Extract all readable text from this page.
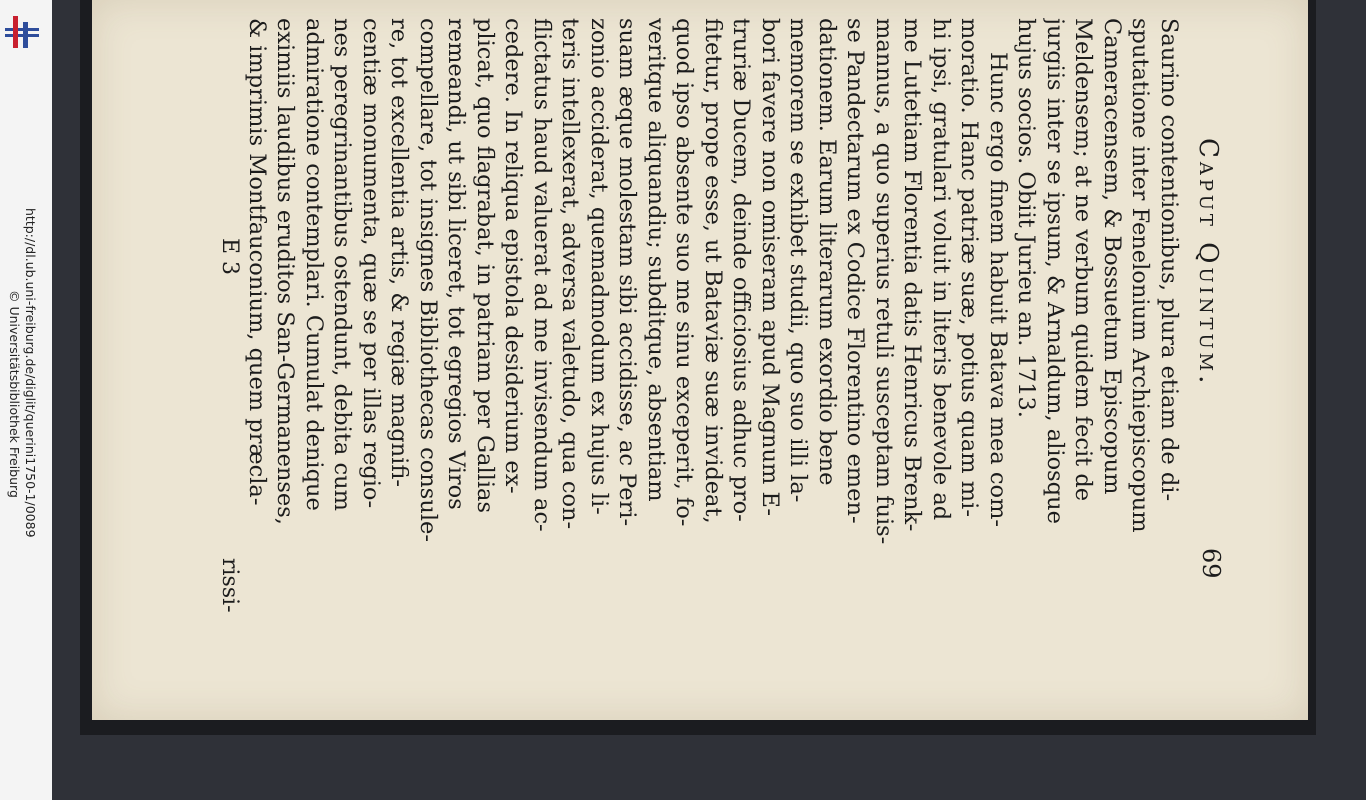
http://dl.ub.uni-freiburg.de/diglit/querini1750-1/0089
© Universitätsbibliothek Freiburg
Caput Quintum.
69
Saurino contentionibus, plura etiam de di-
sputatione inter Fenelonium Archiepiscopum
Cameracensem, & Bossuetum Episcopum
Meldensem; at ne verbum quidem fecit de
jurgiis inter se ipsum, & Arnaldum, aliosque
hujus socios. Obiit Jurieu an. 1713.
Hunc ergo finem habuit Batava mea com-
moratio. Hanc patriæ suæ, potius quam mi-
hi ipsi, gratulari voluit in literis benevole ad
me Lutetiam Florentia datis Henricus Brenk-
mannus, a quo superius retuli susceptam fuis-
se Pandectarum ex Codice Florentino emen-
dationem. Earum literarum exordio bene
memorem se exhibet studii, quo suo illi la-
bori favere non omiseram apud Magnum E-
truriæ Ducem, deinde officiosius adhuc pro-
fitetur, prope esse, ut Bataviæ suæ invideat,
quod ipso absente suo me sinu exceperit, fo-
veritque aliquandiu; subditque, absentiam
suam æque molestam sibi accidisse, ac Peri-
zonio acciderat, quemadmodum ex hujus li-
teris intellexerat, adversa valetudo, qua con-
flictatus haud valuerat ad me invisendum ac-
cedere. In reliqua epistola desiderium ex-
plicat, quo flagrabat, in patriam per Gallias
remeandi, ut sibi liceret, tot egregios Viros
compellare, tot insignes Bibliothecas consule-
re, tot excellentia artis, & regiæ magnifi-
centiæ monumenta, quæ se per illas regio-
nes peregrinantibus ostendunt, debita cum
admiratione contemplari. Cumulat denique
eximiis laudibus eruditos San-Germanenses,
& imprimis Montfauconium, quem præcla-
E 3
rissi-
